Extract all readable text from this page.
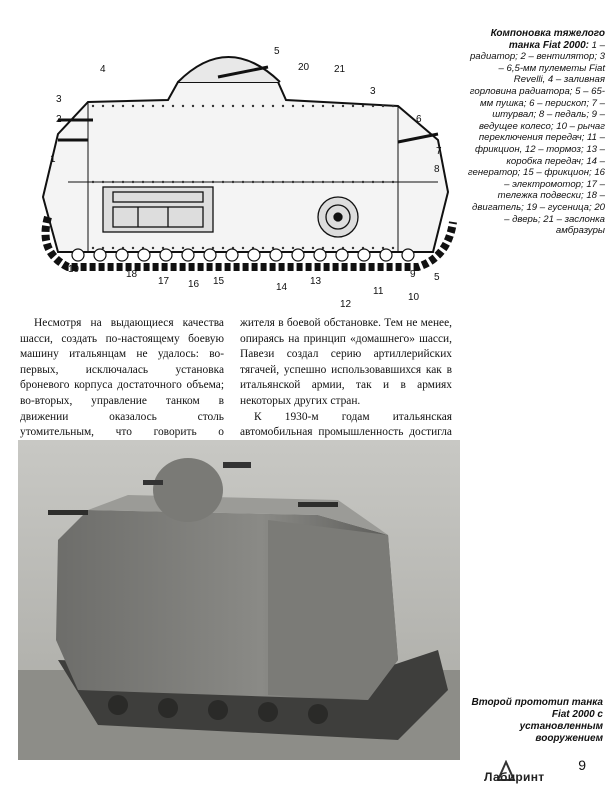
1
2
3
3
4
5
6
7
8
9
10
11
12
13
14
15
16
17
18
19
20 21
5
Компоновка тяжелого танка Fiat 2000: 1 – радиатор; 2 – вентилятор; 3 – 6,5-мм пулеметы Fiat Revelli, 4 – заливная горловина радиатора; 5 – 65-мм пушка; 6 – перископ; 7 – штурвал; 8 – педаль; 9 – ведущее колесо; 10 – рычаг переключения передач; 11 – фрикцион, 12 – тормоз; 13 – коробка передач; 14 – генератор; 15 – фрикцион; 16 – электромотор; 17 – тележка подвески; 18 – двигатель; 19 – гусеница; 20 – дверь; 21 – заслонка амбразуры

Несмотря на выдающиеся качества шасси, создать по-настоящему боевую машину итальянцам не удалось: во-первых, исключалась установка броневого корпуса достаточного объема; во-вторых, управление танком в движении оказалось столь утомительным, что говорить о

жителя в боевой обстановке. Тем не менее, опираясь на принцип «домашнего» шасси, Павези создал серию артиллерийских тягачей, успешно использовавшихся как в итальянской армии, так и в армиях некоторых других стран.

К 1930-м годам итальянская автомобильная промышленность достигла

Второй прототип танка Fiat 2000 с установленным вооружением
9
Лабиринт
